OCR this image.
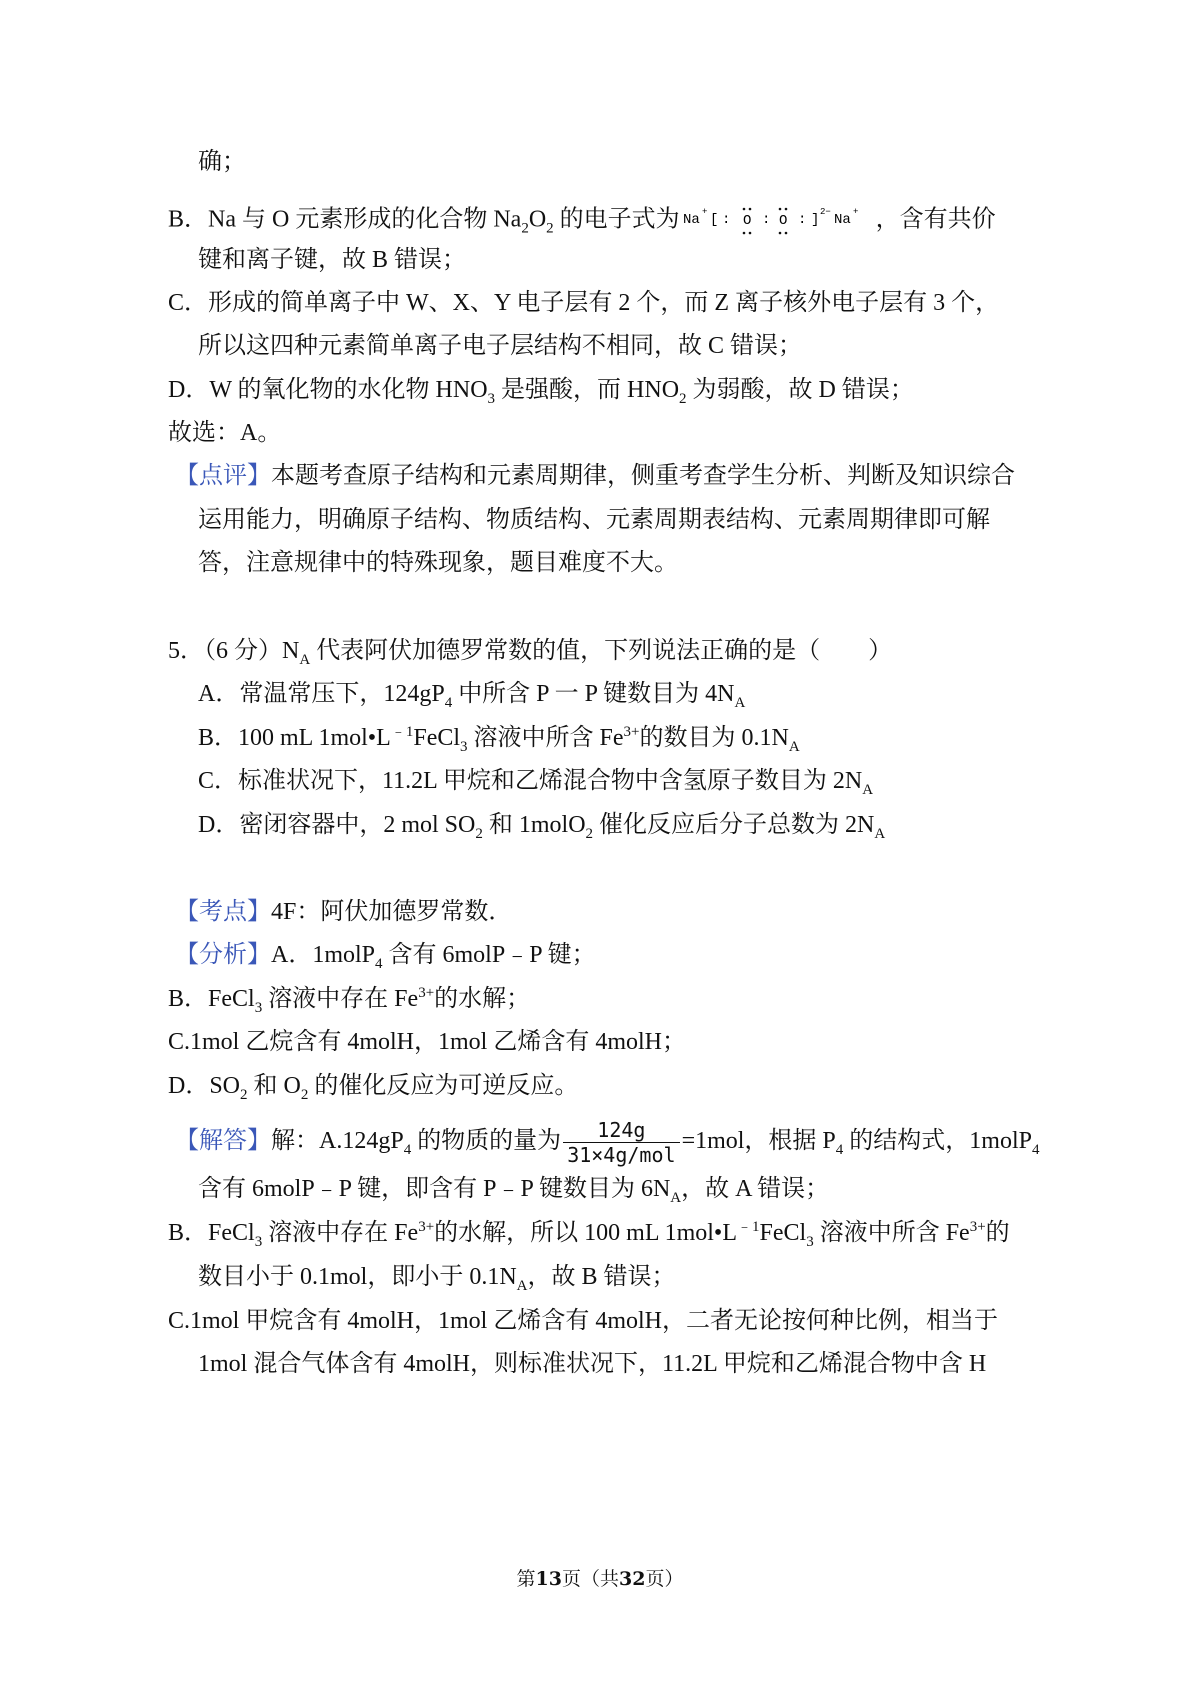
确；
B．Na 与 O 元素形成的化合物 $Na_2O_2$ 的电子式为 Na + [ : O : O : ] 2− Na + ，含有共价
键和离子键，故 B 错误；
C．形成的简单离子中 W、X、Y 电子层有 2 个，而 Z 离子核外电子层有 3 个，
所以这四种元素简单离子电子层结构不相同，故 C 错误；
D．W 的氧化物的水化物 $HNO_3$ 是强酸，而 $HNO_2$ 为弱酸，故 D 错误；
故选：A。
【点评】本题考查原子结构和元素周期律，侧重考查学生分析、判断及知识综合
运用能力，明确原子结构、物质结构、元素周期表结构、元素周期律即可解
答，注意规律中的特殊现象，题目难度不大。
5．（6 分）$N_A$ 代表阿伏加德罗常数的值，下列说法正确的是（　　）
A．常温常压下，$124gP_4$ 中所含 P 一 P 键数目为 $4N_A$
B．100 mL $1mol•L^{﹣1}FeCl_3$ 溶液中所含 $Fe^{3+}$的数目为 $0.1N_A$
C．标准状况下，11.2L 甲烷和乙烯混合物中含氢原子数目为 $2N_A$
D．密闭容器中，2 mol $SO_2$ 和 1molO$_2$ 催化反应后分子总数为 $2N_A$
【考点】4F：阿伏加德罗常数．
【分析】A．1molP$_4$ 含有 6molP﹣P 键；
B．FeCl$_3$ 溶液中存在 $Fe^{3+}$的水解；
C.1mol 乙烷含有 4molH，1mol 乙烯含有 4molH；
D．$SO_2$ 和 $O_2$ 的催化反应为可逆反应。
【解答】解：$A.124gP_4$ 的物质的量为 $\frac{124g}{\text{31×4g/mol}} =1mol$，根据 $P_4$ 的结构式，1molP$_4$
含有 6molP﹣P 键，即含有 P﹣P 键数目为 $6N_A$，故 A 错误；
B．FeCl$_3$ 溶液中存在 $Fe^{3+}$的水解，所以 100 mL $1mol•L^{﹣1}FeCl_3$ 溶液中所含 $Fe^{3+}$的
数目小于 0.1mol，即小于 $0.1N_A$，故 B 错误；
C.1mol 甲烷含有 4molH，1mol 乙烯含有 4molH，二者无论按何种比例，相当于
1mol 混合气体含有 4molH，则标准状况下，11.2L 甲烷和乙烯混合物中含 H
第13页（共32页）
